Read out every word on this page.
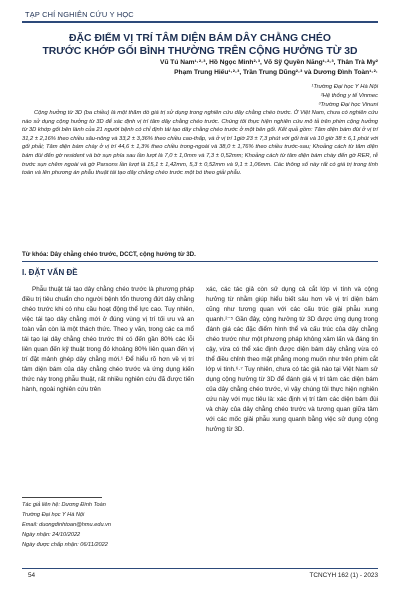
TẠP CHÍ NGHIÊN CỨU Y HỌC
ĐẶC ĐIỂM VỊ TRÍ TÂM DIỆN BÁM DÂY CHẰNG CHÉO
TRƯỚC KHỚP GỐI BÌNH THƯỜNG TRÊN CỘNG HƯỞNG TỪ 3D
Vũ Tú Nam¹·²·³, Hồ Ngọc Minh²·³, Võ Sỹ Quyền Năng¹·²·³, Thân Trà My²
Phạm Trung Hiếu¹·²·³, Trần Trung Dũng²·³ và Dương Đình Toàn¹·²·
¹Trường Đại học Y Hà Nội
²Hệ thống y tế Vinmec
³Trường Đại học Vinuni
Cộng hưởng từ 3D (ba chiều) là một thăm dò giá trị sử dụng trong nghiên cứu dây chằng chéo trước. Ở Việt Nam, chưa có nghiên cứu nào sử dụng cộng hưởng từ 3D để xác định vị trí tâm dây chằng chéo trước. Chúng tôi thực hiện nghiên cứu mô tả trên phim cộng hưởng từ 3D khớp gối bên lành của 21 người bệnh có chỉ định tái tạo dây chằng chéo trước ở một bên gối. Kết quả gồm: Tâm diện bám đùi ở vị trí 31,2 ± 2,16% theo chiều sâu-nông và 33,2 ± 3,36% theo chiều cao-thấp, và ở vị trí 1giờ 23 ± 7,3 phút với gối trái và 10 giờ 38 ± 6,1 phút với gối phải; Tâm diện bám chày ở vị trí 44,6 ± 1,3% theo chiều trong-ngoài và 38,0 ± 1,76% theo chiều trước-sau; Khoảng cách từ tâm diện bám đùi đến gờ resident và bờ sụn phía sau lần lượt là 7,0 ± 1,0mm và 7,3 ± 0,52mm; Khoảng cách từ tâm diện bám chày đến gờ RER, rễ trước sụn chêm ngoài và gờ Parsons lần lượt là 15,1 ± 1,42mm, 5,3 ± 0,52mm và 9,1 ± 1,06mm. Các thông số này rất có giá trị trong tính toán và lên phương án phẫu thuật tái tạo dây chằng chéo trước một bó theo giải phẫu.
Từ khóa: Dây chằng chéo trước, DCCT, cộng hưởng từ 3D.
I. ĐẶT VẤN ĐỀ
Phẫu thuật tái tạo dây chằng chéo trước là phương pháp điều trị tiêu chuẩn cho người bệnh tổn thương đứt dây chằng chéo trước khi có nhu cầu hoạt động thể lực cao. Tuy nhiên, việc tái tạo dây chằng mới ở đúng vùng vị trí tối ưu và an toàn vẫn còn là một thách thức. Theo y văn, trong các ca mổ tái tạo lại dây chằng chéo trước thì có đến gần 80% các lỗi liên quan đến kỹ thuật trong đó khoảng 80% liên quan đến vị trí đặt mảnh ghép dây chằng mới.¹ Để hiểu rõ hơn về vị trí tâm diện bám của dây chằng chéo trước và ứng dụng kiến thức này trong phẫu thuật, rất nhiều nghiên cứu đã được tiến hành, ngoài nghiên cứu trên
xác, các tác giả còn sử dụng cả cắt lớp vi tính và cộng hưởng từ nhằm giúp hiểu biết sâu hơn về vị trí diện bám cũng như tương quan với các cấu trúc giải phẫu xung quanh.²⁻⁵ Gần đây, cộng hưởng từ 3D được ứng dụng trong đánh giá các đặc điểm hình thể và cấu trúc của dây chằng chéo trước như một phương pháp không xâm lấn và đáng tin cậy, vừa có thể xác định được diện bám dây chằng vừa có thể điều chỉnh theo mặt phẳng mong muốn như trên phim cắt lớp vi tính.⁶·⁷ Tuy nhiên, chưa có tác giả nào tại Việt Nam sử dụng cộng hưởng từ 3D để đánh giá vị trí tâm các diện bám của dây chằng chéo trước, vì vậy chúng tôi thực hiện nghiên cứu này với mục tiêu là: xác định vị trí tâm các diện bám đùi và chày của dây chằng chéo trước và tương quan giữa tâm với các mốc giải phẫu xung quanh bằng việc sử dụng cộng hưởng từ 3D.
Tác giả liên hệ: Dương Đình Toàn
Trường Đại học Y Hà Nội
Email: duongdinhtoan@hmu.edu.vn
Ngày nhận: 24/10/2022
Ngày được chấp nhận: 06/11/2022
54	TCNCYH 162 (1) - 2023
